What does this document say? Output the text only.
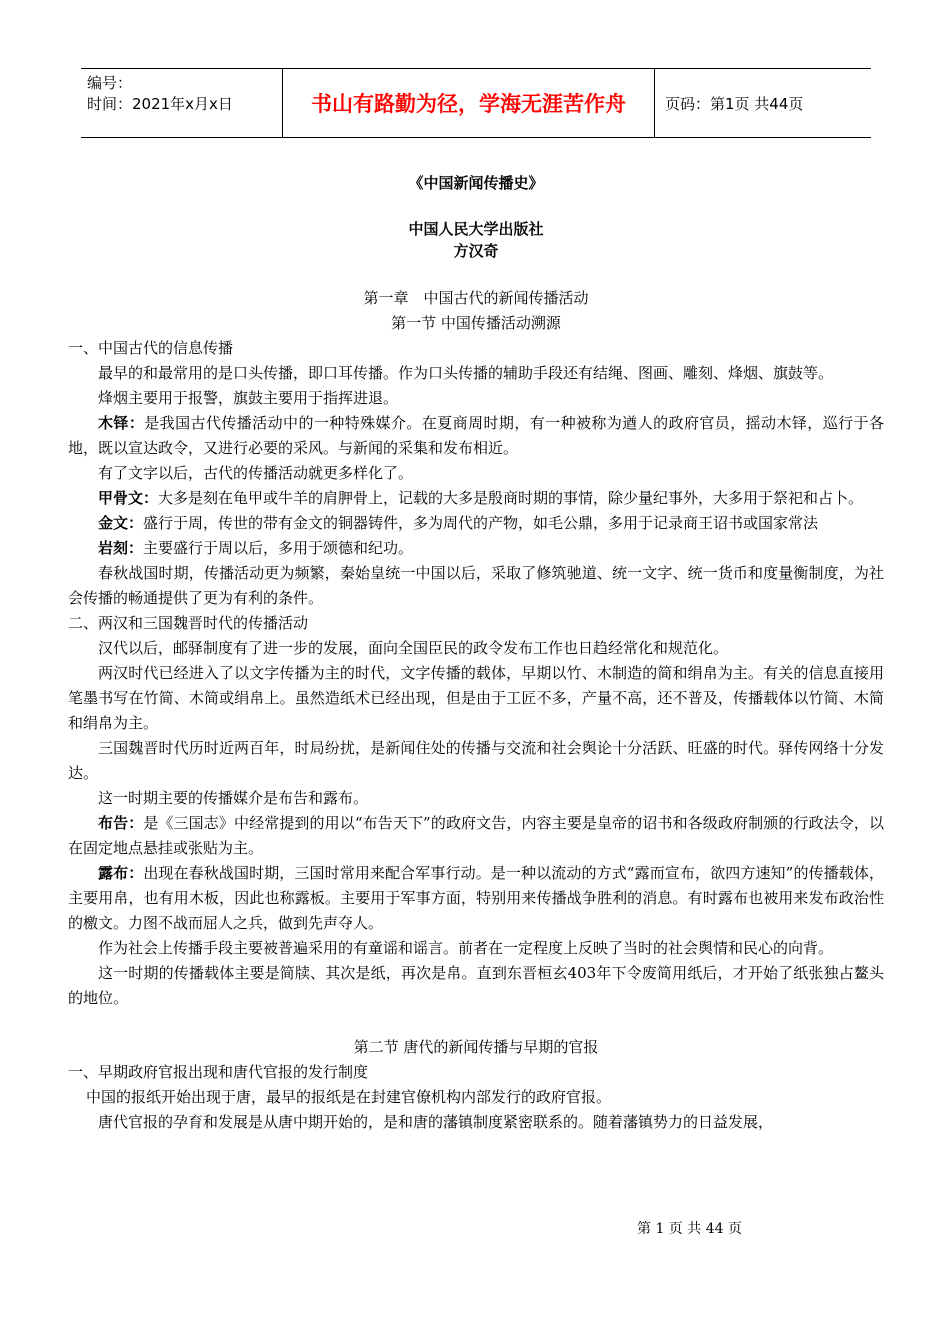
编号：
时间：2021年x月x日	书山有路勤为径，学海无涯苦作舟	页码：第1页 共44页
《中国新闻传播史》
中国人民大学出版社
方汉奇
第一章　中国古代的新闻传播活动
第一节 中国传播活动溯源
一、中国古代的信息传播
最早的和最常用的是口头传播，即口耳传播。作为口头传播的辅助手段还有结绳、图画、雕刻、烽烟、旗鼓等。
烽烟主要用于报警，旗鼓主要用于指挥进退。
木铎：是我国古代传播活动中的一种特殊媒介。在夏商周时期，有一种被称为遒人的政府官员，摇动木铎，巡行于各地，既以宣达政令，又进行必要的采风。与新闻的采集和发布相近。
有了文字以后，古代的传播活动就更多样化了。
甲骨文：大多是刻在龟甲或牛羊的肩胛骨上，记载的大多是殷商时期的事情，除少量纪事外，大多用于祭祀和占卜。
金文：盛行于周，传世的带有金文的铜器铸件，多为周代的产物，如毛公鼎，多用于记录商王诏书或国家常法
岩刻：主要盛行于周以后，多用于颂德和纪功。
春秋战国时期，传播活动更为频繁，秦始皇统一中国以后，采取了修筑驰道、统一文字、统一货币和度量衡制度，为社会传播的畅通提供了更为有利的条件。
二、两汉和三国魏晋时代的传播活动
汉代以后，邮驿制度有了进一步的发展，面向全国臣民的政令发布工作也日趋经常化和规范化。
两汉时代已经进入了以文字传播为主的时代，文字传播的载体，早期以竹、木制造的简和绢帛为主。有关的信息直接用笔墨书写在竹简、木简或绢帛上。虽然造纸术已经出现，但是由于工匠不多，产量不高，还不普及，传播载体以竹简、木简和绢帛为主。
三国魏晋时代历时近两百年，时局纷扰，是新闻住处的传播与交流和社会舆论十分活跃、旺盛的时代。驿传网络十分发达。
这一时期主要的传播媒介是布告和露布。
布告：是《三国志》中经常提到的用以“布告天下”的政府文告，内容主要是皇帝的诏书和各级政府制颁的行政法令，以在固定地点悬挂或张贴为主。
露布：出现在春秋战国时期，三国时常用来配合军事行动。是一种以流动的方式“露而宣布，欲四方速知”的传播载体，主要用帛，也有用木板，因此也称露板。主要用于军事方面，特别用来传播战争胜利的消息。有时露布也被用来发布政治性的檄文。力图不战而屈人之兵，做到先声夺人。
作为社会上传播手段主要被普遍采用的有童谣和谣言。前者在一定程度上反映了当时的社会舆情和民心的向背。
这一时期的传播载体主要是简牍、其次是纸，再次是帛。直到东晋桓玄403年下令废简用纸后，才开始了纸张独占鳌头的地位。
第二节 唐代的新闻传播与早期的官报
一、早期政府官报出现和唐代官报的发行制度
中国的报纸开始出现于唐，最早的报纸是在封建官僚机构内部发行的政府官报。
唐代官报的孕育和发展是从唐中期开始的，是和唐的藩镇制度紧密联系的。随着藩镇势力的日益发展，
第 1 页 共 44 页
